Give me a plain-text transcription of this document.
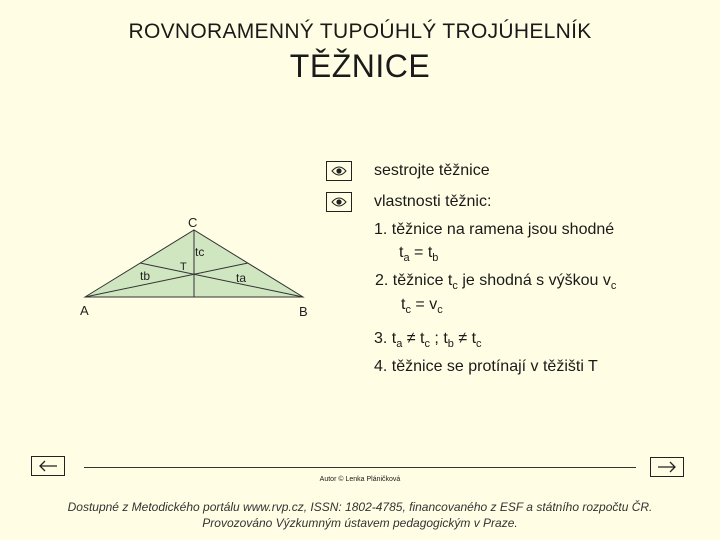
ROVNORAMENNÝ TUPOÚHLÝ TROJÚHELNÍK
TĚŽNICE
C
A	B
T
tc
tb	ta
sestrojte těžnice
vlastnosti těžnic:
1. těžnice na ramena jsou shodné
$t_a = t_b$
2. těžnice $t_c$ je shodná s výškou $v_c$
$t_c = v_c$
3. $t_a \ne t_c$ ; $t_b \ne t_c$
4. těžnice se protínají v těžišti T
Autor © Lenka Pláničková
Dostupné z Metodického portálu www.rvp.cz, ISSN: 1802-4785, financovaného z ESF a státního rozpočtu ČR.
Provozováno Výzkumným ústavem pedagogickým v Praze.
